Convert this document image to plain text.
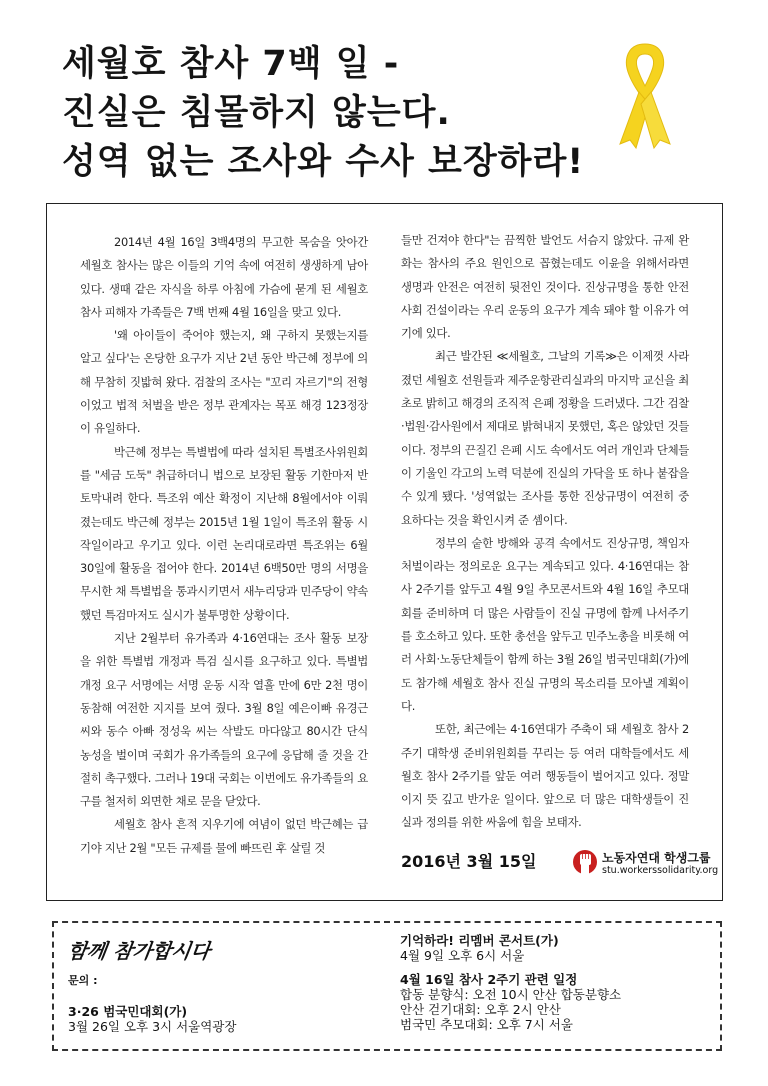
세월호 참사 7백 일 -
진실은 침몰하지 않는다.
성역 없는 조사와 수사 보장하라!

2014년 4월 16일 3백4명의 무고한 목숨을 앗아간 세월호 참사는 많은 이들의 기억 속에 여전히 생생하게 남아있다. 생때 같은 자식을 하루 아침에 가슴에 묻게 된 세월호 참사 피해자 가족들은 7백 번째 4월 16일을 맞고 있다.

'왜 아이들이 죽어야 했는지, 왜 구하지 못했는지를 알고 싶다'는 온당한 요구가 지난 2년 동안 박근혜 정부에 의해 무참히 짓밟혀 왔다. 검찰의 조사는 "꼬리 자르기"의 전형이었고 법적 처벌을 받은 정부 관계자는 목포 해경 123정장이 유일하다.

박근혜 정부는 특별법에 따라 설치된 특별조사위원회를 "세금 도둑" 취급하더니 법으로 보장된 활동 기한마저 반토막내려 한다. 특조위 예산 확정이 지난해 8월에서야 이뤄졌는데도 박근혜 정부는 2015년 1월 1일이 특조위 활동 시작일이라고 우기고 있다. 이런 논리대로라면 특조위는 6월 30일에 활동을 접어야 한다. 2014년 6백50만 명의 서명을 무시한 채 특별법을 통과시키면서 새누리당과 민주당이 약속했던 특검마저도 실시가 불투명한 상황이다.

지난 2월부터 유가족과 4·16연대는 조사 활동 보장을 위한 특별법 개정과 특검 실시를 요구하고 있다. 특별법 개정 요구 서명에는 서명 운동 시작 열흘 만에 6만 2천 명이 동참해 여전한 지지를 보여 줬다. 3월 8일 예은이빠 유경근 씨와 동수 아빠 정성욱 씨는 삭발도 마다않고 80시간 단식 농성을 벌이며 국회가 유가족들의 요구에 응답해 줄 것을 간절히 촉구했다. 그러나 19대 국회는 이번에도 유가족들의 요구를 철저히 외면한 채로 문을 닫았다.

세월호 참사 흔적 지우기에 여념이 없던 박근혜는 급기야 지난 2월 "모든 규제를 물에 빠뜨린 후 살릴 것

들만 건져야 한다"는 끔찍한 발언도 서슴지 않았다. 규제 완화는 참사의 주요 원인으로 꼽혔는데도 이윤을 위해서라면 생명과 안전은 여전히 뒷전인 것이다. 진상규명을 통한 안전사회 건설이라는 우리 운동의 요구가 계속 돼야 할 이유가 여기에 있다.

최근 발간된 ≪세월호, 그날의 기록≫은 이제껏 사라졌던 세월호 선원들과 제주운항관리실과의 마지막 교신을 최초로 밝히고 해경의 조직적 은폐 정황을 드러냈다. 그간 검찰·법원·감사원에서 제대로 밝혀내지 못했던, 혹은 않았던 것들이다. 정부의 끈질긴 은폐 시도 속에서도 여러 개인과 단체들이 기울인 각고의 노력 덕분에 진실의 가닥을 또 하나 붙잡을 수 있게 됐다. '성역없는 조사를 통한 진상규명이 여전히 중요하다는 것을 확인시켜 준 셈이다.

정부의 숱한 방해와 공격 속에서도 진상규명, 책임자 처벌이라는 정의로운 요구는 계속되고 있다. 4·16연대는 참사 2주기를 앞두고 4월 9일 추모콘서트와 4월 16일 추모대회를 준비하며 더 많은 사람들이 진실 규명에 함께 나서주기를 호소하고 있다. 또한 총선을 앞두고 민주노총을 비롯해 여러 사회·노동단체들이 함께 하는 3월 26일 범국민대회(가)에도 참가해 세월호 참사 진실 규명의 목소리를 모아낼 계획이다.

또한, 최근에는 4·16연대가 주축이 돼 세월호 참사 2주기 대학생 준비위원회를 꾸리는 등 여러 대학들에서도 세월호 참사 2주기를 앞둔 여러 행동들이 벌어지고 있다. 정말이지 뜻 깊고 반가운 일이다. 앞으로 더 많은 대학생들이 진실과 정의를 위한 싸움에 힘을 보태자.

2016년 3월 15일	노동자연대 학생그룹
stu.workerssolidarity.org
함께 참가합시다
문의 :
3·26 범국민대회(가)
3월 26일 오후 3시 서울역광장
기억하라! 리멤버 콘서트(가)
4월 9일 오후 6시 서울
4월 16일 참사 2주기 관련 일정
합동 분향식: 오전 10시 안산 합동분향소
안산 걷기대회: 오후 2시 안산
범국민 추모대회: 오후 7시 서울
